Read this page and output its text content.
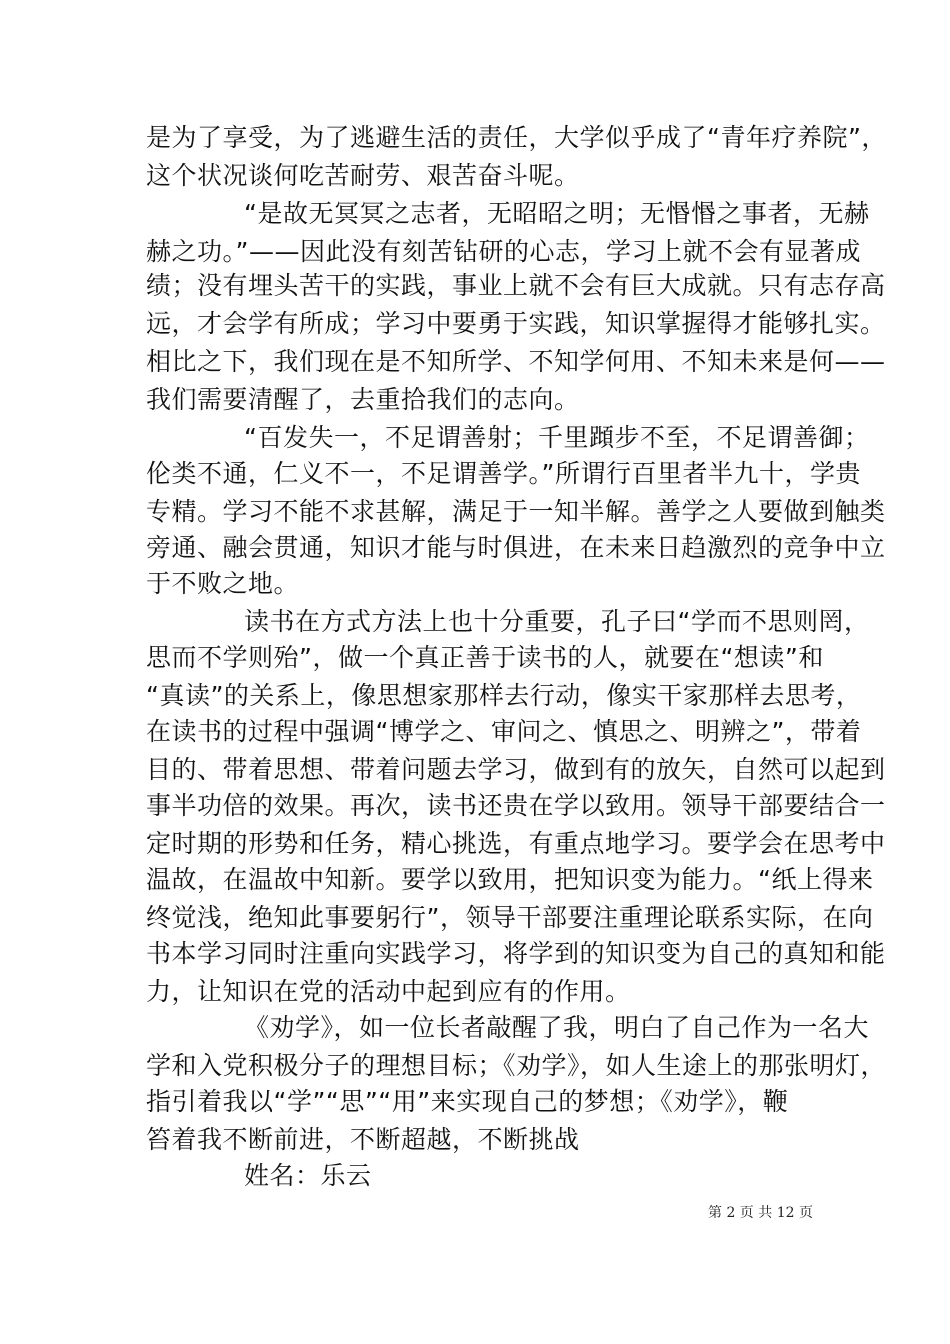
是为了享受，为了逃避生活的责任，大学似乎成了“青年疗养院”，
这个状况谈何吃苦耐劳、艰苦奋斗呢。
“是故无冥冥之志者，无昭昭之明；无惽惽之事者，无赫
赫之功。”——因此没有刻苦钻研的心志，学习上就不会有显著成
绩；没有埋头苦干的实践，事业上就不会有巨大成就。只有志存高
远，才会学有所成；学习中要勇于实践，知识掌握得才能够扎实。
相比之下，我们现在是不知所学、不知学何用、不知未来是何——
我们需要清醒了，去重拾我们的志向。
“百发失一，不足谓善射；千里蹞步不至，不足谓善御；
伦类不通，仁义不一，不足谓善学。”所谓行百里者半九十，学贵
专精。学习不能不求甚解，满足于一知半解。善学之人要做到触类
旁通、融会贯通，知识才能与时俱进，在未来日趋激烈的竞争中立
于不败之地。
读书在方式方法上也十分重要，孔子曰“学而不思则罔，
思而不学则殆”，做一个真正善于读书的人，就要在“想读”和
“真读”的关系上，像思想家那样去行动，像实干家那样去思考，
在读书的过程中强调“博学之、审问之、慎思之、明辨之”，带着
目的、带着思想、带着问题去学习，做到有的放矢，自然可以起到
事半功倍的效果。再次，读书还贵在学以致用。领导干部要结合一
定时期的形势和任务，精心挑选，有重点地学习。要学会在思考中
温故，在温故中知新。要学以致用，把知识变为能力。“纸上得来
终觉浅，绝知此事要躬行”，领导干部要注重理论联系实际，在向
书本学习同时注重向实践学习，将学到的知识变为自己的真知和能
力，让知识在党的活动中起到应有的作用。
《劝学》，如一位长者敲醒了我，明白了自己作为一名大
学和入党积极分子的理想目标；《劝学》，如人生途上的那张明灯，
指引着我以“学”“思”“用”来实现自己的梦想；《劝学》，鞭
笞着我不断前进，不断超越，不断挑战
姓名：乐云
第 2 页 共 12 页
